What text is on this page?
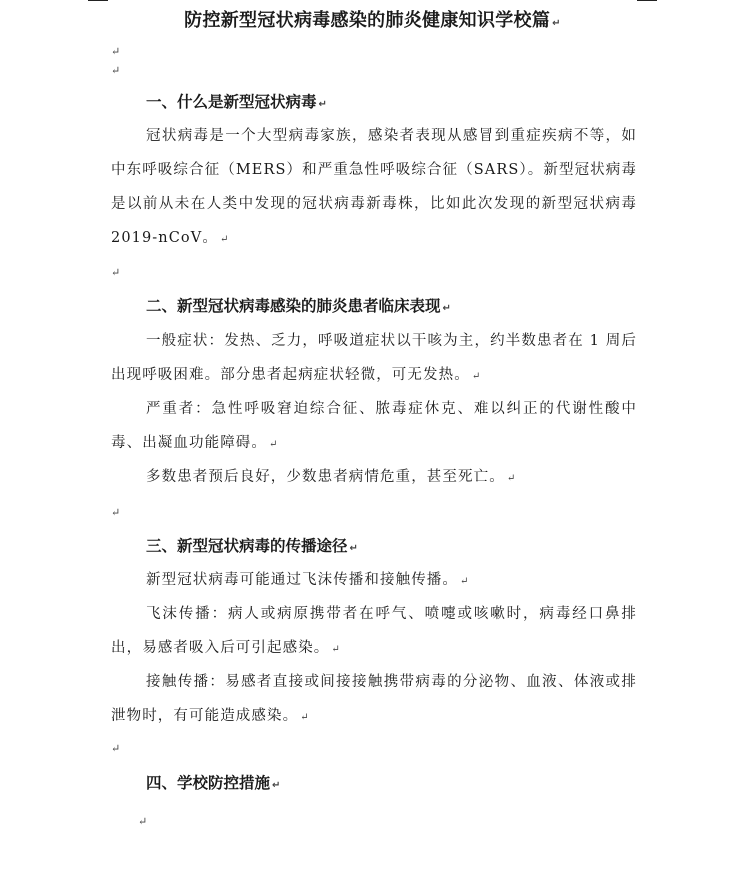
防控新型冠状病毒感染的肺炎健康知识学校篇 ↵
↵
↵
一、什么是新型冠状病毒 ↵

冠状病毒是一个大型病毒家族，感染者表现从感冒到重症疾病不等，如中东呼吸综合征（MERS）和严重急性呼吸综合征（SARS）。新型冠状病毒是以前从未在人类中发现的冠状病毒新毒株，比如此次发现的新型冠状病毒 2019-nCoV。 ↵

↵
二、新型冠状病毒感染的肺炎患者临床表现 ↵

一般症状：发热、乏力，呼吸道症状以干咳为主，约半数患者在 1 周后出现呼吸困难。部分患者起病症状轻微，可无发热。 ↵

严重者：急性呼吸窘迫综合征、脓毒症休克、难以纠正的代谢性酸中毒、出凝血功能障碍。 ↵

多数患者预后良好，少数患者病情危重，甚至死亡。 ↵

↵
三、新型冠状病毒的传播途径 ↵

新型冠状病毒可能通过飞沫传播和接触传播。 ↵

飞沫传播：病人或病原携带者在呼气、喷嚏或咳嗽时，病毒经口鼻排出，易感者吸入后可引起感染。 ↵

接触传播：易感者直接或间接接触携带病毒的分泌物、血液、体液或排泄物时，有可能造成感染。 ↵

↵
四、学校防控措施 ↵
↵
